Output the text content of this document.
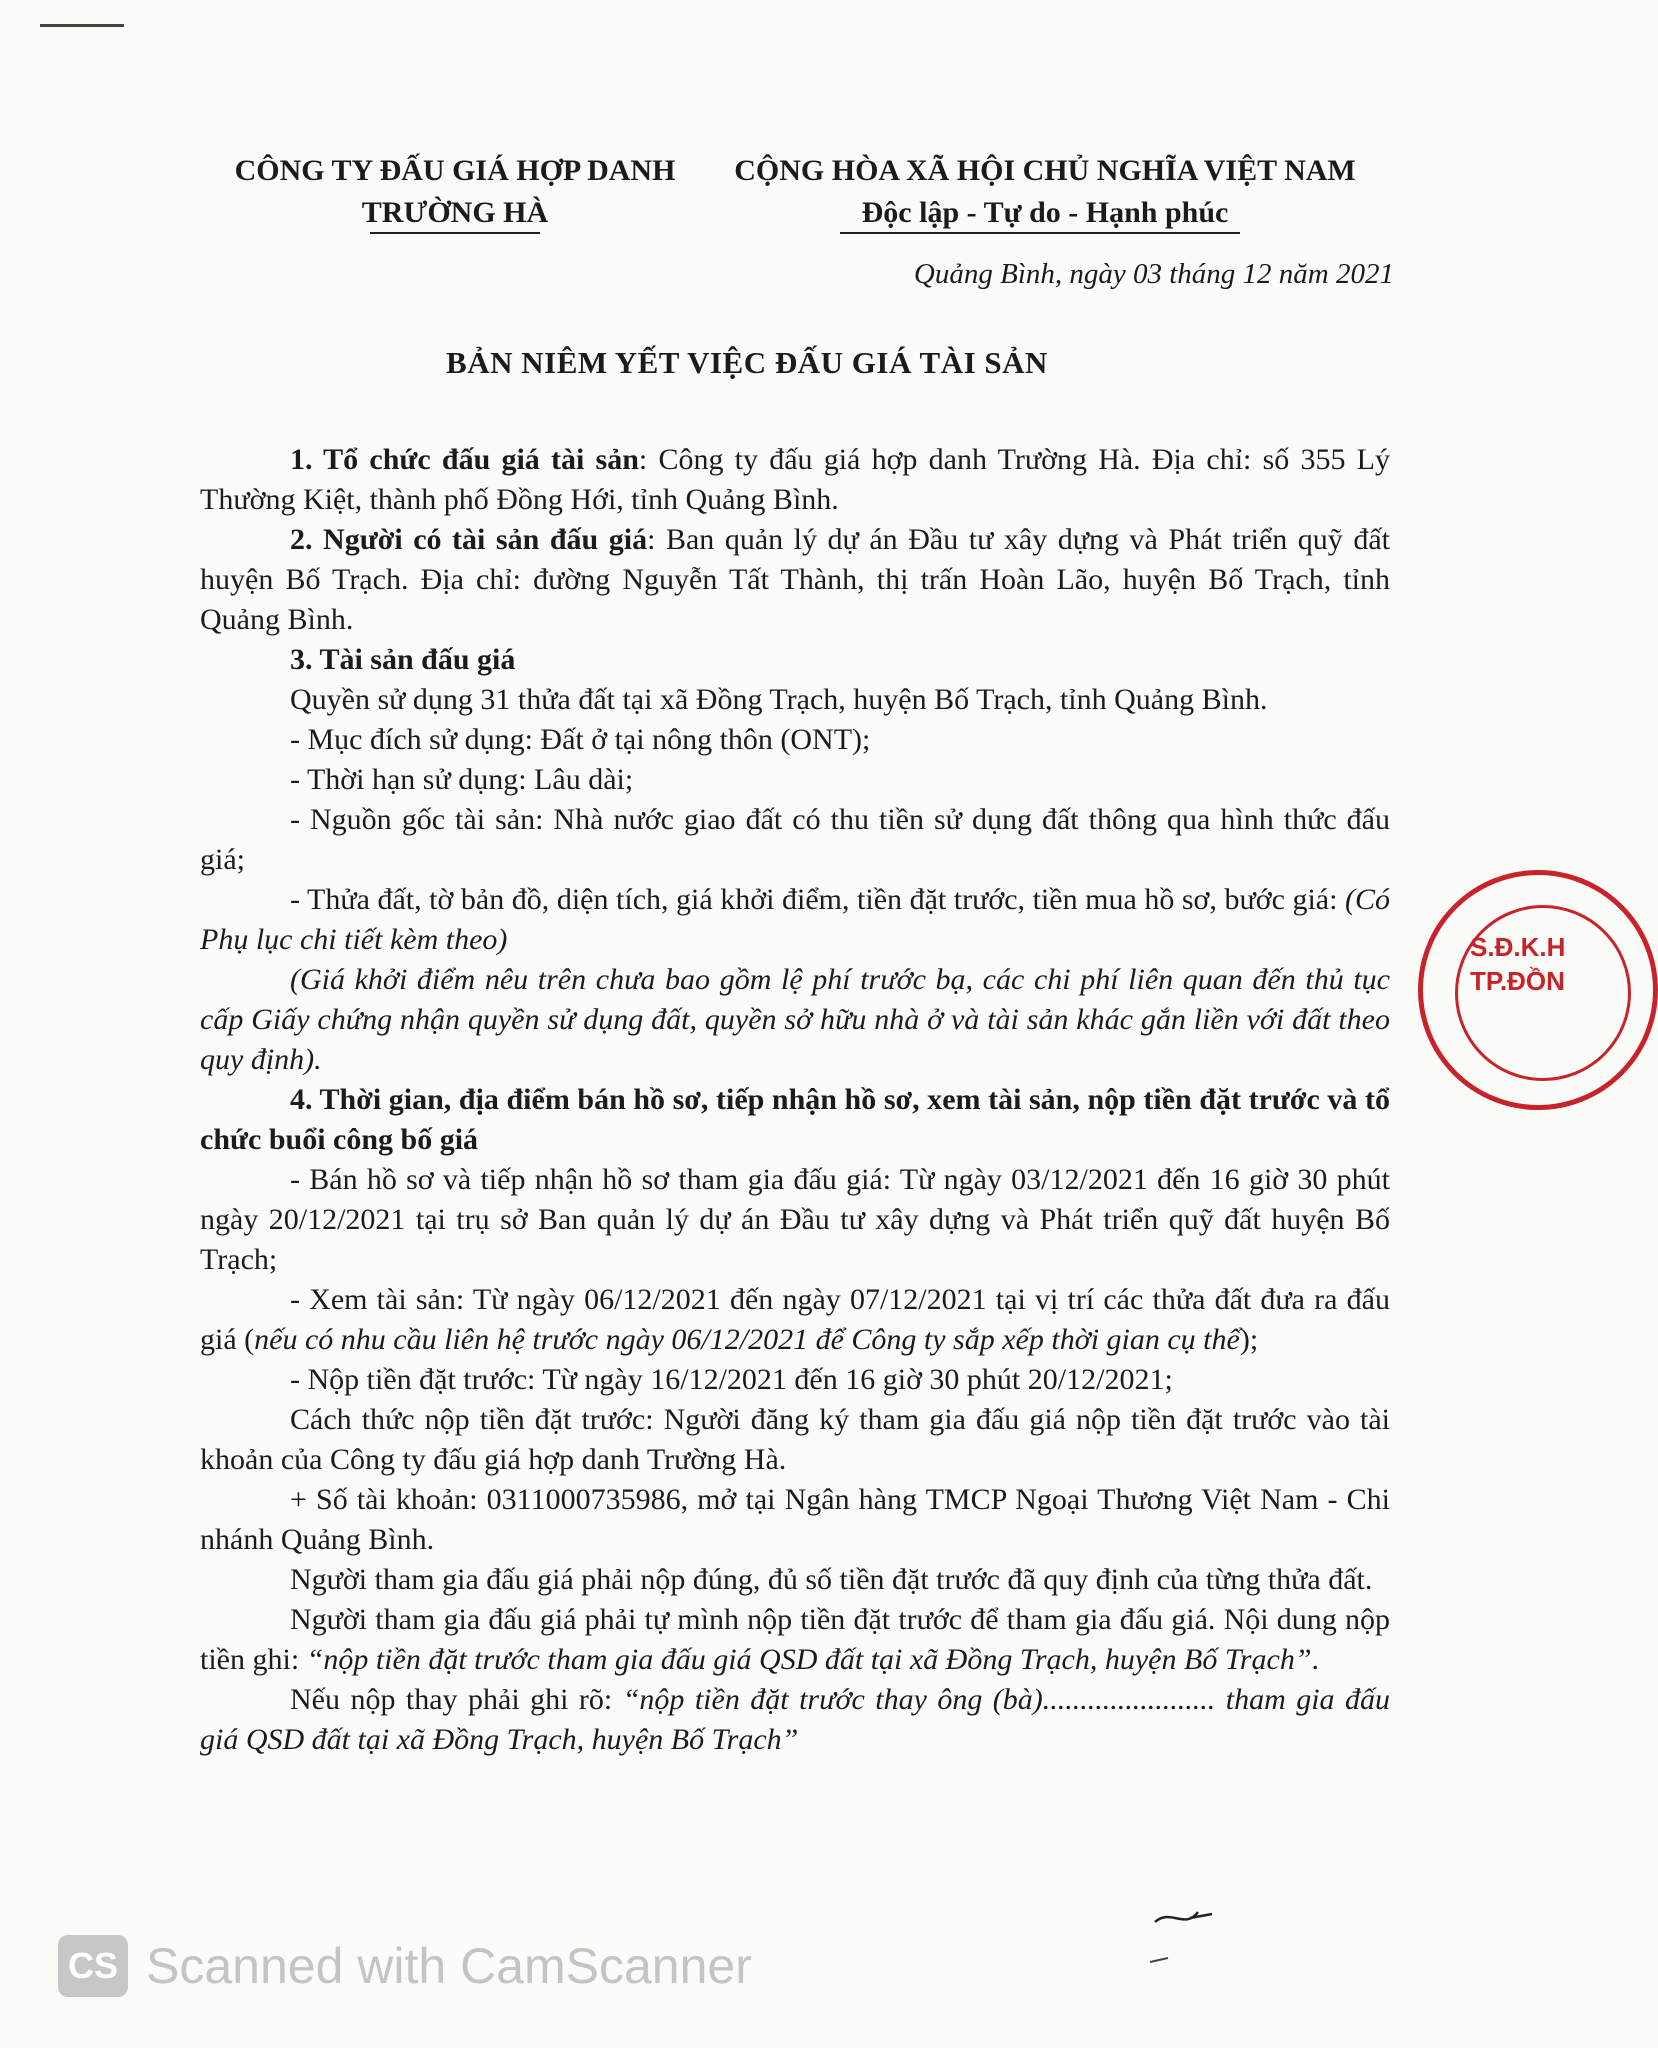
CÔNG TY ĐẤU GIÁ HỢP DANH
TRƯỜNG HÀ
CỘNG HÒA XÃ HỘI CHỦ NGHĨA VIỆT NAM
Độc lập - Tự do - Hạnh phúc
Quảng Bình, ngày 03 tháng 12 năm 2021
BẢN NIÊM YẾT VIỆC ĐẤU GIÁ TÀI SẢN

1. Tổ chức đấu giá tài sản: Công ty đấu giá hợp danh Trường Hà. Địa chỉ: số 355 Lý Thường Kiệt, thành phố Đồng Hới, tỉnh Quảng Bình.

2. Người có tài sản đấu giá: Ban quản lý dự án Đầu tư xây dựng và Phát triển quỹ đất huyện Bố Trạch. Địa chỉ: đường Nguyễn Tất Thành, thị trấn Hoàn Lão, huyện Bố Trạch, tỉnh Quảng Bình.

3. Tài sản đấu giá

Quyền sử dụng 31 thửa đất tại xã Đồng Trạch, huyện Bố Trạch, tỉnh Quảng Bình.

- Mục đích sử dụng: Đất ở tại nông thôn (ONT);

- Thời hạn sử dụng: Lâu dài;

- Nguồn gốc tài sản: Nhà nước giao đất có thu tiền sử dụng đất thông qua hình thức đấu giá;

- Thửa đất, tờ bản đồ, diện tích, giá khởi điểm, tiền đặt trước, tiền mua hồ sơ, bước giá: (Có Phụ lục chi tiết kèm theo)

(Giá khởi điểm nêu trên chưa bao gồm lệ phí trước bạ, các chi phí liên quan đến thủ tục cấp Giấy chứng nhận quyền sử dụng đất, quyền sở hữu nhà ở và tài sản khác gắn liền với đất theo quy định).

4. Thời gian, địa điểm bán hồ sơ, tiếp nhận hồ sơ, xem tài sản, nộp tiền đặt trước và tổ chức buổi công bố giá

- Bán hồ sơ và tiếp nhận hồ sơ tham gia đấu giá: Từ ngày 03/12/2021 đến 16 giờ 30 phút ngày 20/12/2021 tại trụ sở Ban quản lý dự án Đầu tư xây dựng và Phát triển quỹ đất huyện Bố Trạch;

- Xem tài sản: Từ ngày 06/12/2021 đến ngày 07/12/2021 tại vị trí các thửa đất đưa ra đấu giá (nếu có nhu cầu liên hệ trước ngày 06/12/2021 để Công ty sắp xếp thời gian cụ thể);

- Nộp tiền đặt trước: Từ ngày 16/12/2021 đến 16 giờ 30 phút 20/12/2021;

Cách thức nộp tiền đặt trước: Người đăng ký tham gia đấu giá nộp tiền đặt trước vào tài khoản của Công ty đấu giá hợp danh Trường Hà.

+ Số tài khoản: 0311000735986, mở tại Ngân hàng TMCP Ngoại Thương Việt Nam - Chi nhánh Quảng Bình.

Người tham gia đấu giá phải nộp đúng, đủ số tiền đặt trước đã quy định của từng thửa đất.

Người tham gia đấu giá phải tự mình nộp tiền đặt trước để tham gia đấu giá. Nội dung nộp tiền ghi: “nộp tiền đặt trước tham gia đấu giá QSD đất tại xã Đồng Trạch, huyện Bố Trạch”.

Nếu nộp thay phải ghi rõ: “nộp tiền đặt trước thay ông (bà)....................... tham gia đấu giá QSD đất tại xã Đồng Trạch, huyện Bố Trạch”

S.Đ.K.H TP.ĐỒN
CS Scanned with CamScanner
